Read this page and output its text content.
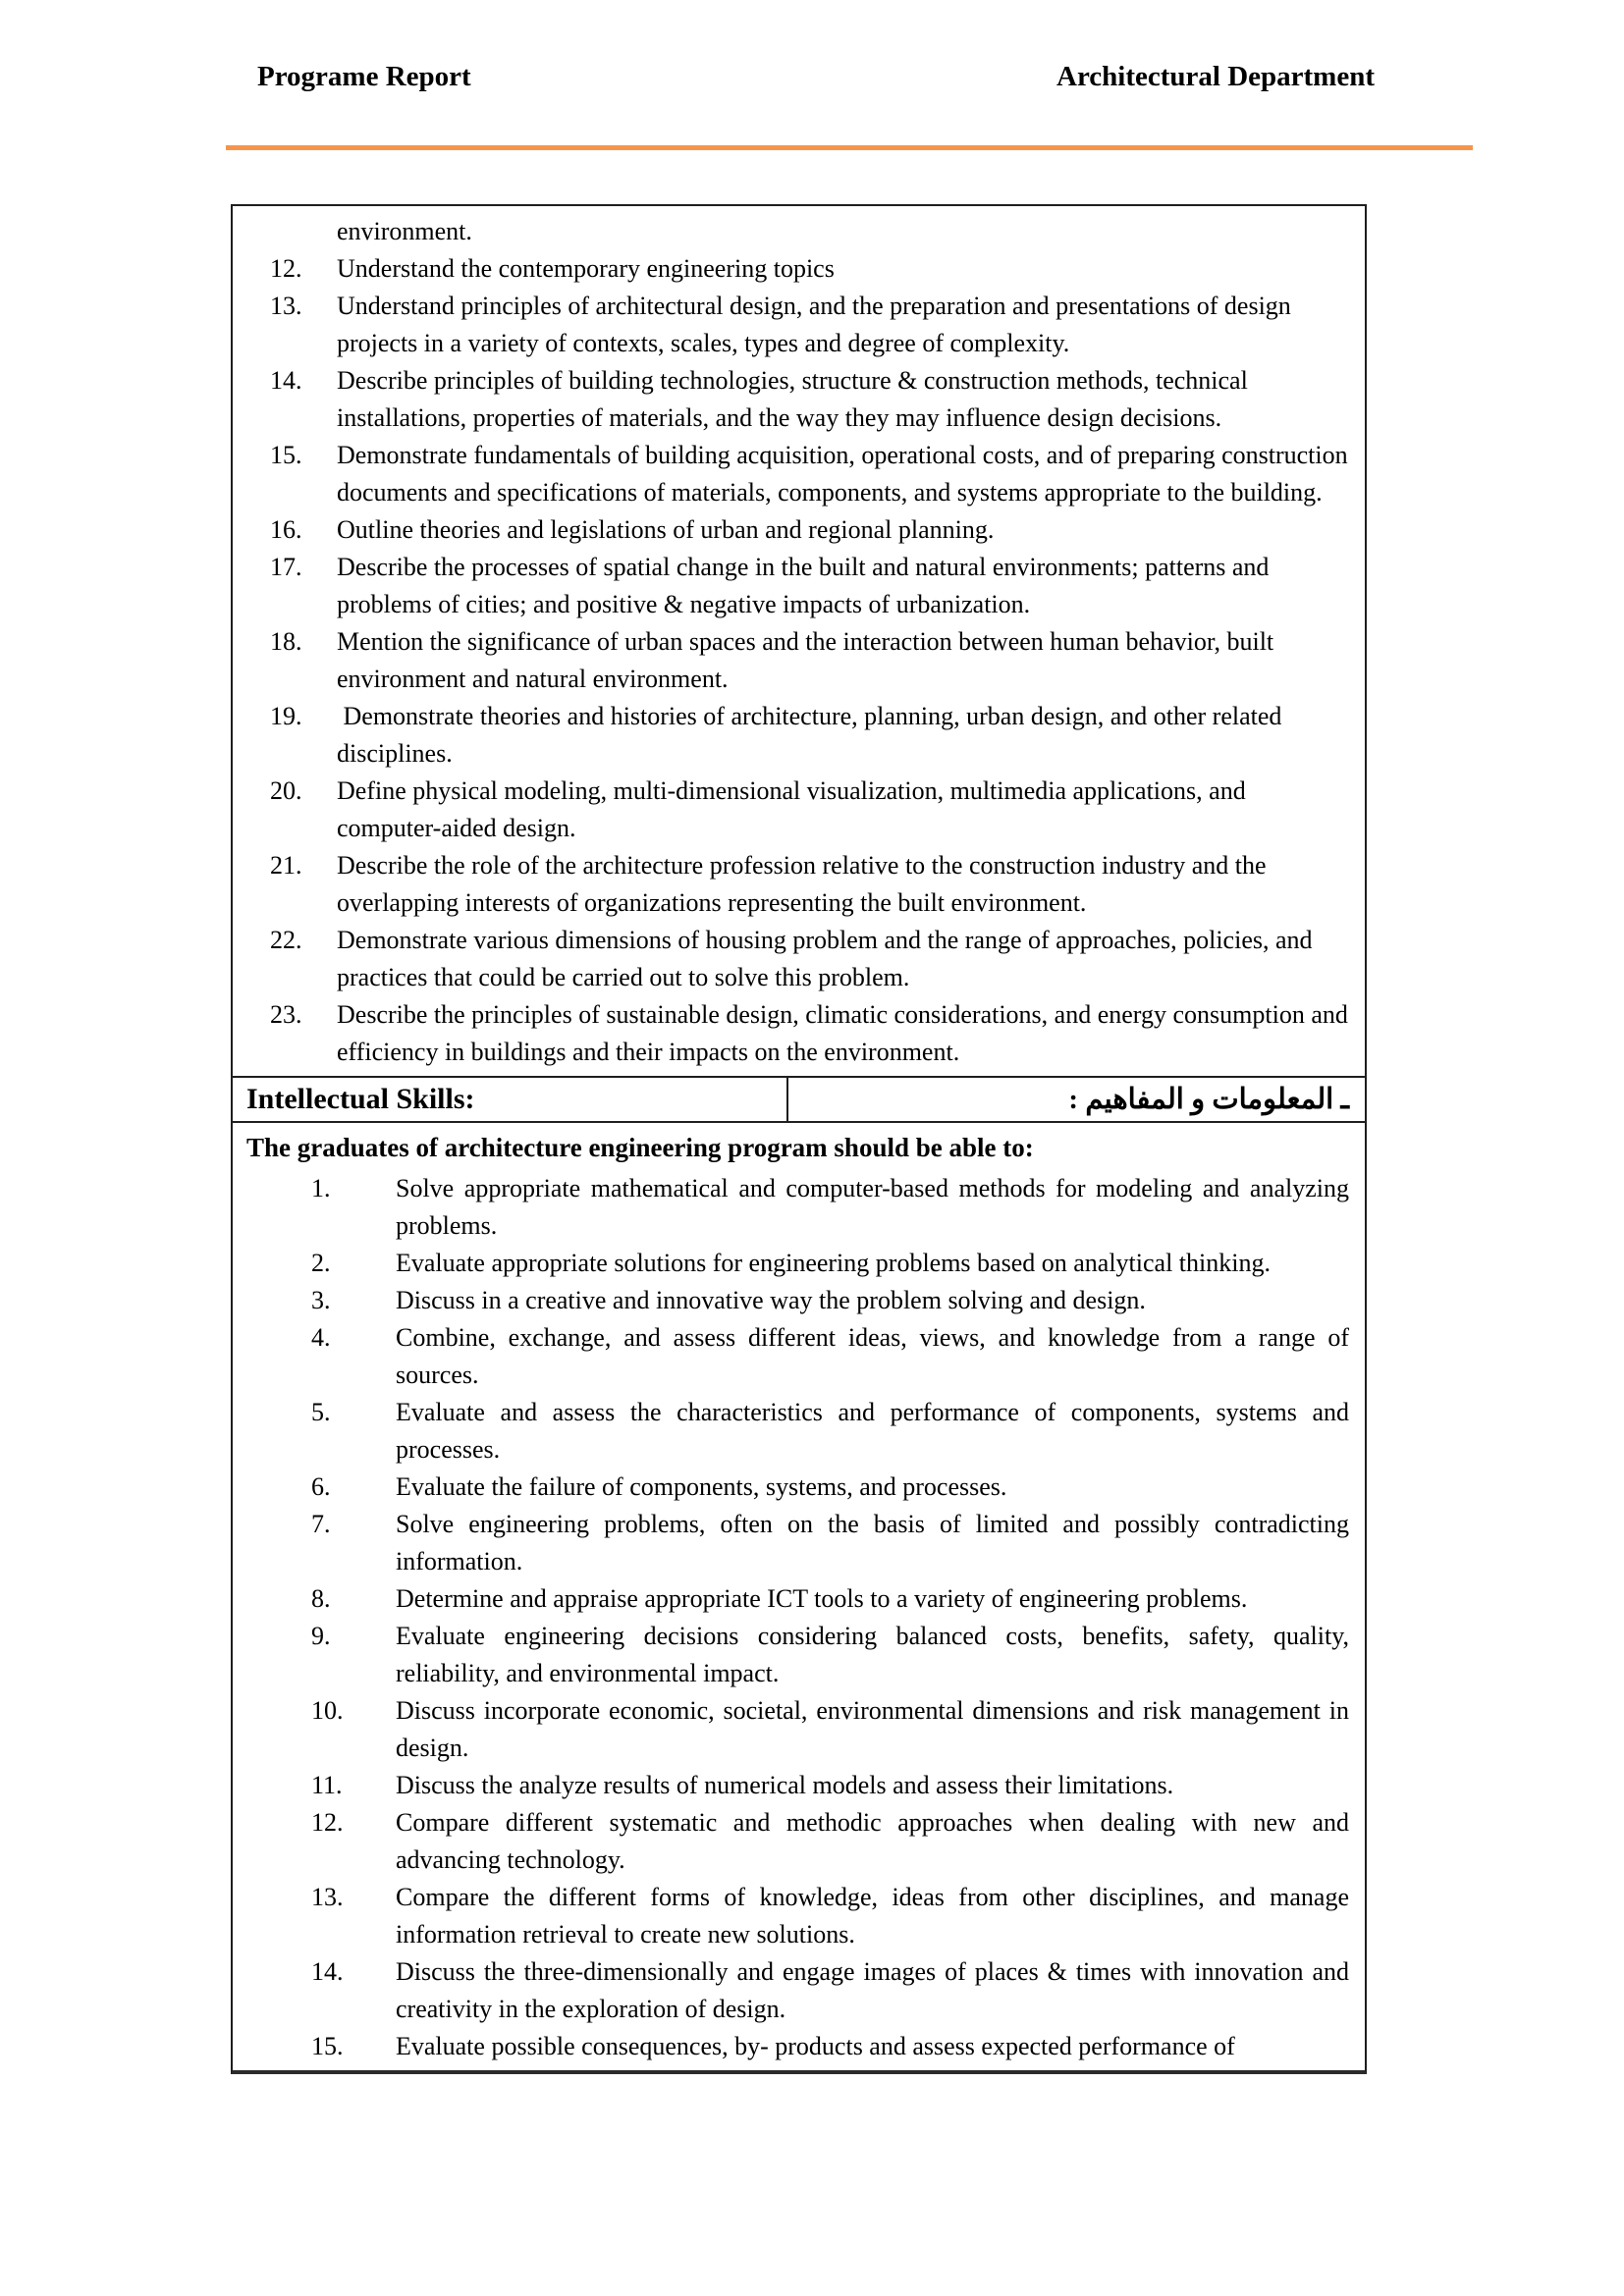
Programe Report	Architectural Department
environment.
12.	Understand the contemporary engineering topics
13.	Understand principles of architectural design, and the preparation and presentations of design projects in a variety of contexts, scales, types and degree of complexity.
14.	Describe principles of building technologies, structure & construction methods, technical installations, properties of materials, and the way they may influence design decisions.
15.	Demonstrate fundamentals of building acquisition, operational costs, and of preparing construction documents and specifications of materials, components, and systems appropriate to the building.
16.	Outline theories and legislations of urban and regional planning.
17.	Describe the processes of spatial change in the built and natural environments; patterns and problems of cities; and positive & negative impacts of urbanization.
18.	Mention the significance of urban spaces and the interaction between human behavior, built environment and natural environment.
19.	Demonstrate theories and histories of architecture, planning, urban design, and other related disciplines.
20.	Define physical modeling, multi-dimensional visualization, multimedia applications, and computer-aided design.
21.	Describe the role of the architecture profession relative to the construction industry and the overlapping interests of organizations representing the built environment.
22.	Demonstrate various dimensions of housing problem and the range of approaches, policies, and practices that could be carried out to solve this problem.
23.	Describe the principles of sustainable design, climatic considerations, and energy consumption and efficiency in buildings and their impacts on the environment.
Intellectual Skills:	ـ المعلومات و المفاهيم :
The graduates of architecture engineering program should be able to:
1.	Solve appropriate mathematical and computer-based methods for modeling and analyzing problems.
2.	Evaluate appropriate solutions for engineering problems based on analytical thinking.
3.	Discuss in a creative and innovative way the problem solving and design.
4.	Combine, exchange, and assess different ideas, views, and knowledge from a range of sources.
5.	Evaluate and assess the characteristics and performance of components, systems and processes.
6.	Evaluate the failure of components, systems, and processes.
7.	Solve engineering problems, often on the basis of limited and possibly contradicting information.
8.	Determine and appraise appropriate ICT tools to a variety of engineering problems.
9.	Evaluate engineering decisions considering balanced costs, benefits, safety, quality, reliability, and environmental impact.
10.	Discuss incorporate economic, societal, environmental dimensions and risk management in design.
11.	Discuss the analyze results of numerical models and assess their limitations.
12.	Compare different systematic and methodic approaches when dealing with new and advancing technology.
13.	Compare the different forms of knowledge, ideas from other disciplines, and manage information retrieval to create new solutions.
14.	Discuss the three-dimensionally and engage images of places & times with innovation and creativity in the exploration of design.
15.	Evaluate possible consequences, by- products and assess expected performance of
